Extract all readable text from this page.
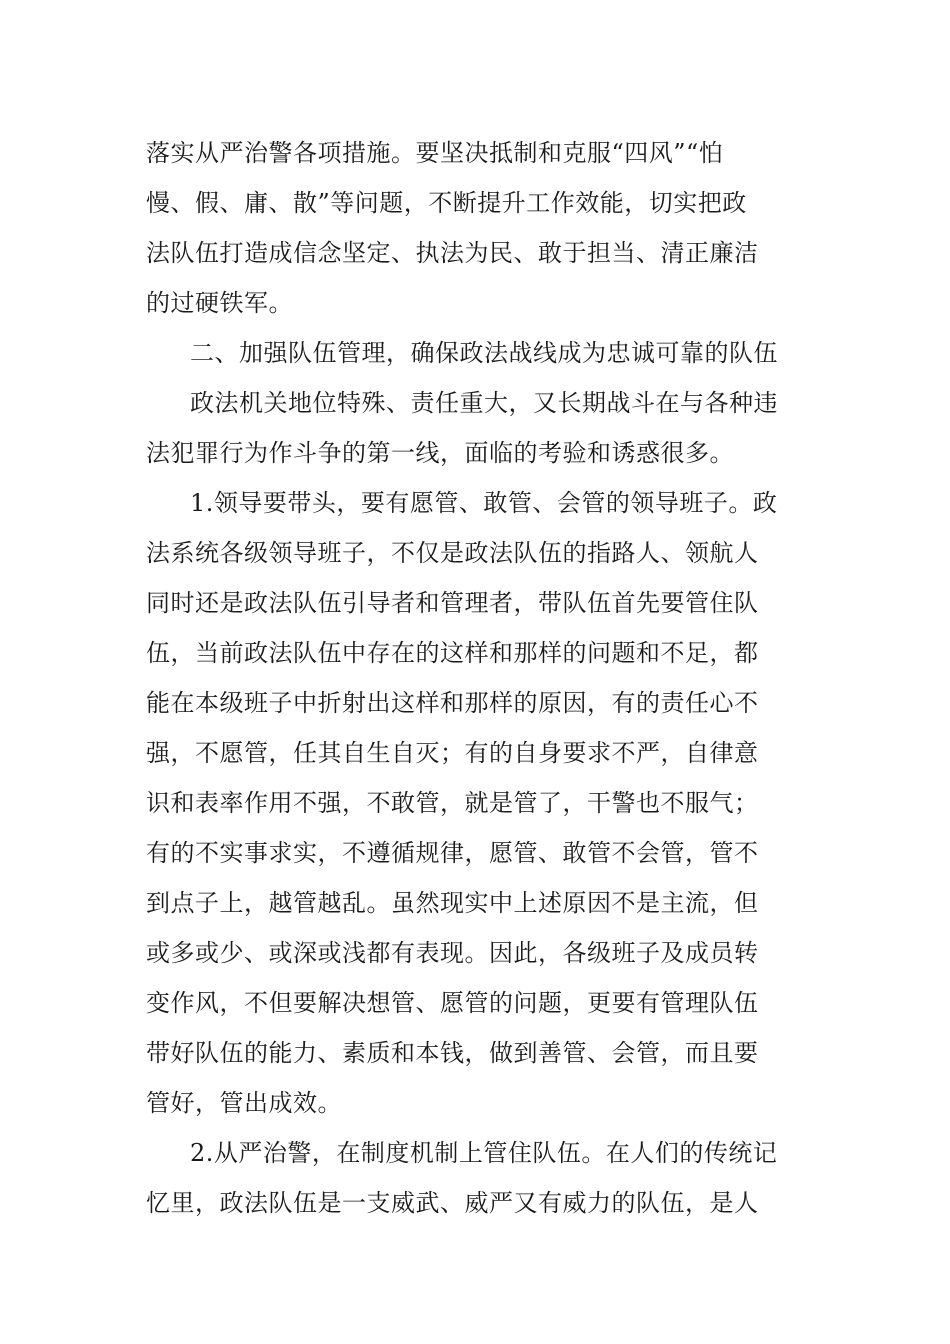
落实从严治警各项措施。要坚决抵制和克服“四风”“怕
慢、假、庸、散”等问题，不断提升工作效能，切实把政
法队伍打造成信念坚定、执法为民、敢于担当、清正廉洁
的过硬铁军。
二、加强队伍管理，确保政法战线成为忠诚可靠的队伍
政法机关地位特殊、责任重大，又长期战斗在与各种违
法犯罪行为作斗争的第一线，面临的考验和诱惑很多。
1.领导要带头，要有愿管、敢管、会管的领导班子。政
法系统各级领导班子，不仅是政法队伍的指路人、领航人
同时还是政法队伍引导者和管理者，带队伍首先要管住队
伍，当前政法队伍中存在的这样和那样的问题和不足，都
能在本级班子中折射出这样和那样的原因，有的责任心不
强，不愿管，任其自生自灭；有的自身要求不严，自律意
识和表率作用不强，不敢管，就是管了，干警也不服气；
有的不实事求实，不遵循规律，愿管、敢管不会管，管不
到点子上，越管越乱。虽然现实中上述原因不是主流，但
或多或少、或深或浅都有表现。因此，各级班子及成员转
变作风，不但要解决想管、愿管的问题，更要有管理队伍
带好队伍的能力、素质和本钱，做到善管、会管，而且要
管好，管出成效。
2.从严治警，在制度机制上管住队伍。在人们的传统记
忆里，政法队伍是一支威武、威严又有威力的队伍，是人
